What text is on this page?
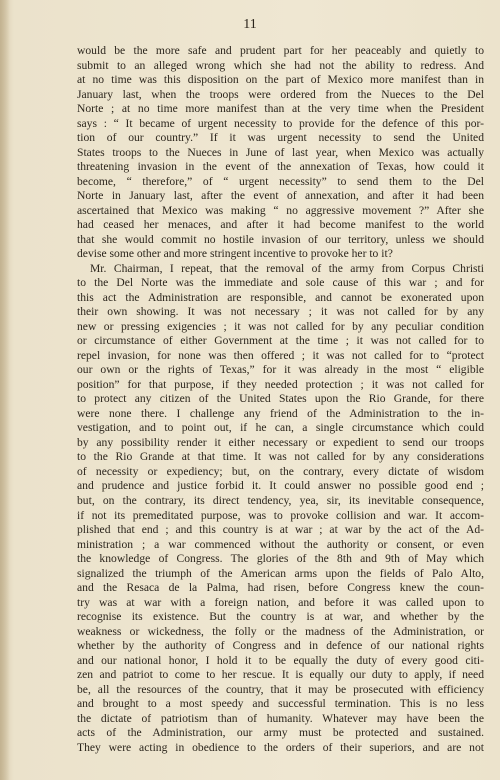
11
would be the more safe and prudent part for her peaceably and quietly to
submit to an alleged wrong which she had not the ability to redress. And
at no time was this disposition on the part of Mexico more manifest than in
January last, when the troops were ordered from the Nueces to the Del
Norte ; at no time more manifest than at the very time when the President
says : “ It became of urgent necessity to provide for the defence of this por-
tion of our country.” If it was urgent necessity to send the United
States troops to the Nueces in June of last year, when Mexico was actually
threatening invasion in the event of the annexation of Texas, how could it
become, “ therefore,” of “ urgent necessity” to send them to the Del
Norte in January last, after the event of annexation, and after it had been
ascertained that Mexico was making “ no aggressive movement ?” After she
had ceased her menaces, and after it had become manifest to the world
that she would commit no hostile invasion of our territory, unless we should
devise some other and more stringent incentive to provoke her to it?
Mr. Chairman, I repeat, that the removal of the army from Corpus Christi
to the Del Norte was the immediate and sole cause of this war ; and for
this act the Administration are responsible, and cannot be exonerated upon
their own showing. It was not necessary ; it was not called for by any
new or pressing exigencies ; it was not called for by any peculiar condition
or circumstance of either Government at the time ; it was not called for to
repel invasion, for none was then offered ; it was not called for to “protect
our own or the rights of Texas,” for it was already in the most “ eligible
position” for that purpose, if they needed protection ; it was not called for
to protect any citizen of the United States upon the Rio Grande, for there
were none there. I challenge any friend of the Administration to the in-
vestigation, and to point out, if he can, a single circumstance which could
by any possibility render it either necessary or expedient to send our troops
to the Rio Grande at that time. It was not called for by any considerations
of necessity or expediency; but, on the contrary, every dictate of wisdom
and prudence and justice forbid it. It could answer no possible good end ;
but, on the contrary, its direct tendency, yea, sir, its inevitable consequence,
if not its premeditated purpose, was to provoke collision and war. It accom-
plished that end ; and this country is at war ; at war by the act of the Ad-
ministration ; a war commenced without the authority or consent, or even
the knowledge of Congress. The glories of the 8th and 9th of May which
signalized the triumph of the American arms upon the fields of Palo Alto,
and the Resaca de la Palma, had risen, before Congress knew the coun-
try was at war with a foreign nation, and before it was called upon to
recognise its existence. But the country is at war, and whether by the
weakness or wickedness, the folly or the madness of the Administration, or
whether by the authority of Congress and in defence of our national rights
and our national honor, I hold it to be equally the duty of every good citi-
zen and patriot to come to her rescue. It is equally our duty to apply, if need
be, all the resources of the country, that it may be prosecuted with efficiency
and brought to a most speedy and successful termination. This is no less
the dictate of patriotism than of humanity. Whatever may have been the
acts of the Administration, our army must be protected and sustained.
They were acting in obedience to the orders of their superiors, and are not
